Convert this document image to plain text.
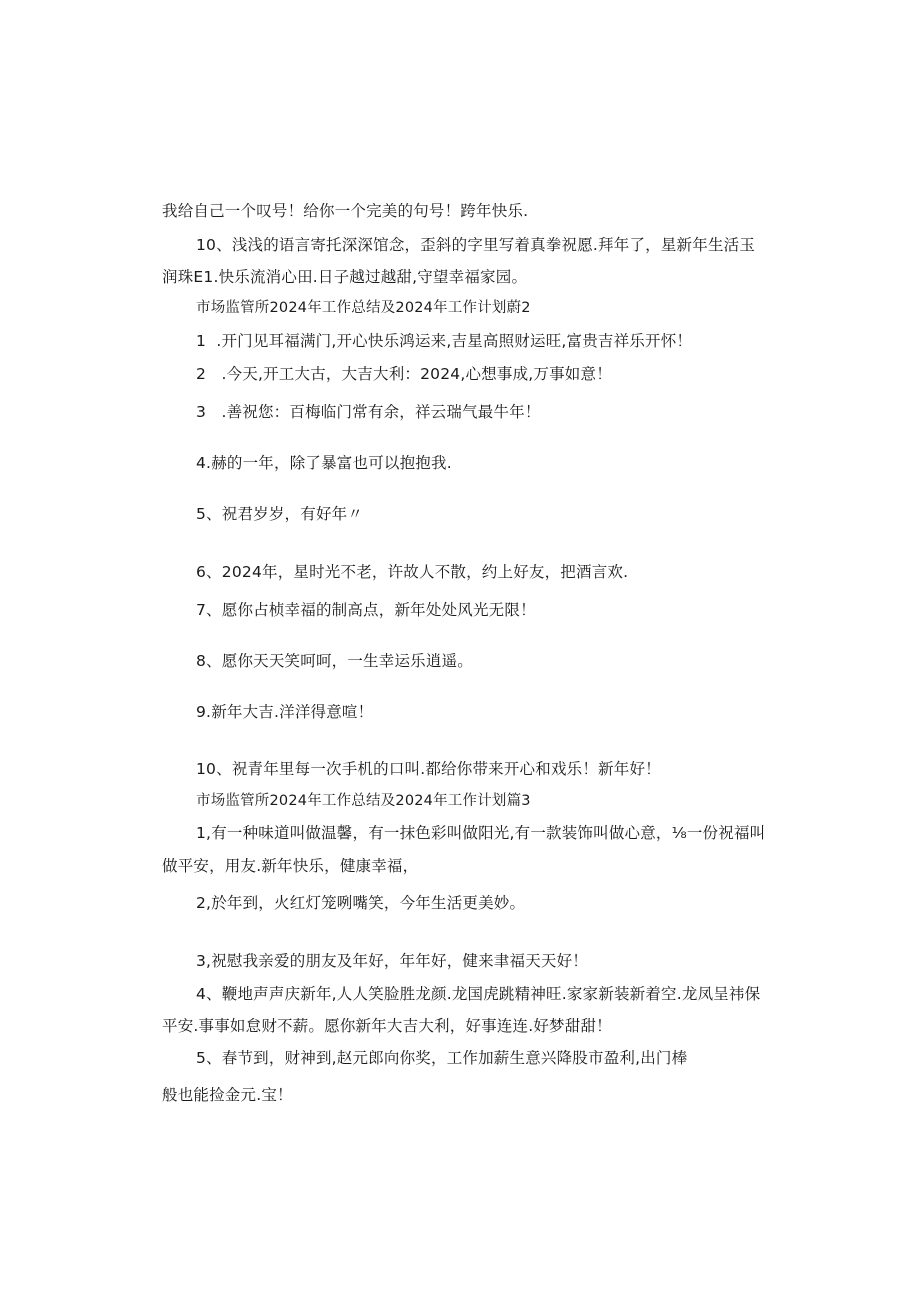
我给自己一个叹号！给你一个完美的句号！跨年快乐.
10、浅浅的语言寄托深深馆念，歪斜的字里写着真拳祝愿.拜年了，星新年生活玉
润珠E1.快乐流消心田.日子越过越甜,守望幸福家园。
市场监管所2024年工作总结及2024年工作计划蔚2
1  .开门见耳福满门,开心快乐鸿运来,吉星高照财运旺,富贵吉祥乐开怀！
2   .今天,开工大古，大吉大利：2024,心想事成,万事如意！
3   .善祝您：百梅临门常有余，祥云瑞气最牛年！
4.赫的一年，除了暴富也可以抱抱我.
5、祝君岁岁，有好年〃
6、2024年，星时光不老，许故人不散，约上好友，把酒言欢.
7、愿你占桢幸福的制高点，新年处处风光无限！
8、愿你天天笑呵呵，一生幸运乐逍遥。
9.新年大吉.洋洋得意喧！
10、祝青年里每一次手机的口叫.都给你带来开心和戏乐！新年好！
市场监管所2024年工作总结及2024年工作计划篇3
1,有一种味道叫做温馨，有一抹色彩叫做阳光,有一款装饰叫做心意，⅛一份祝福叫
做平安，用友.新年快乐，健康幸福，
2,於年到，火红灯笼咧嘴笑，今年生活更美妙。
3,祝慰我亲爱的朋友及年好，年年好，健来聿福天天好！
4、鞭地声声庆新年,人人笑脸胜龙颜.龙国虎跳精神旺.家家新装新着空.龙凤呈祎保
平安.事事如怠财不薪。愿你新年大吉大利，好事连连.好梦甜甜！
5、春节到，财神到,赵元郎向你奖，工作加薪生意兴降股市盈利,出门棒
般也能捡金元.宝！
